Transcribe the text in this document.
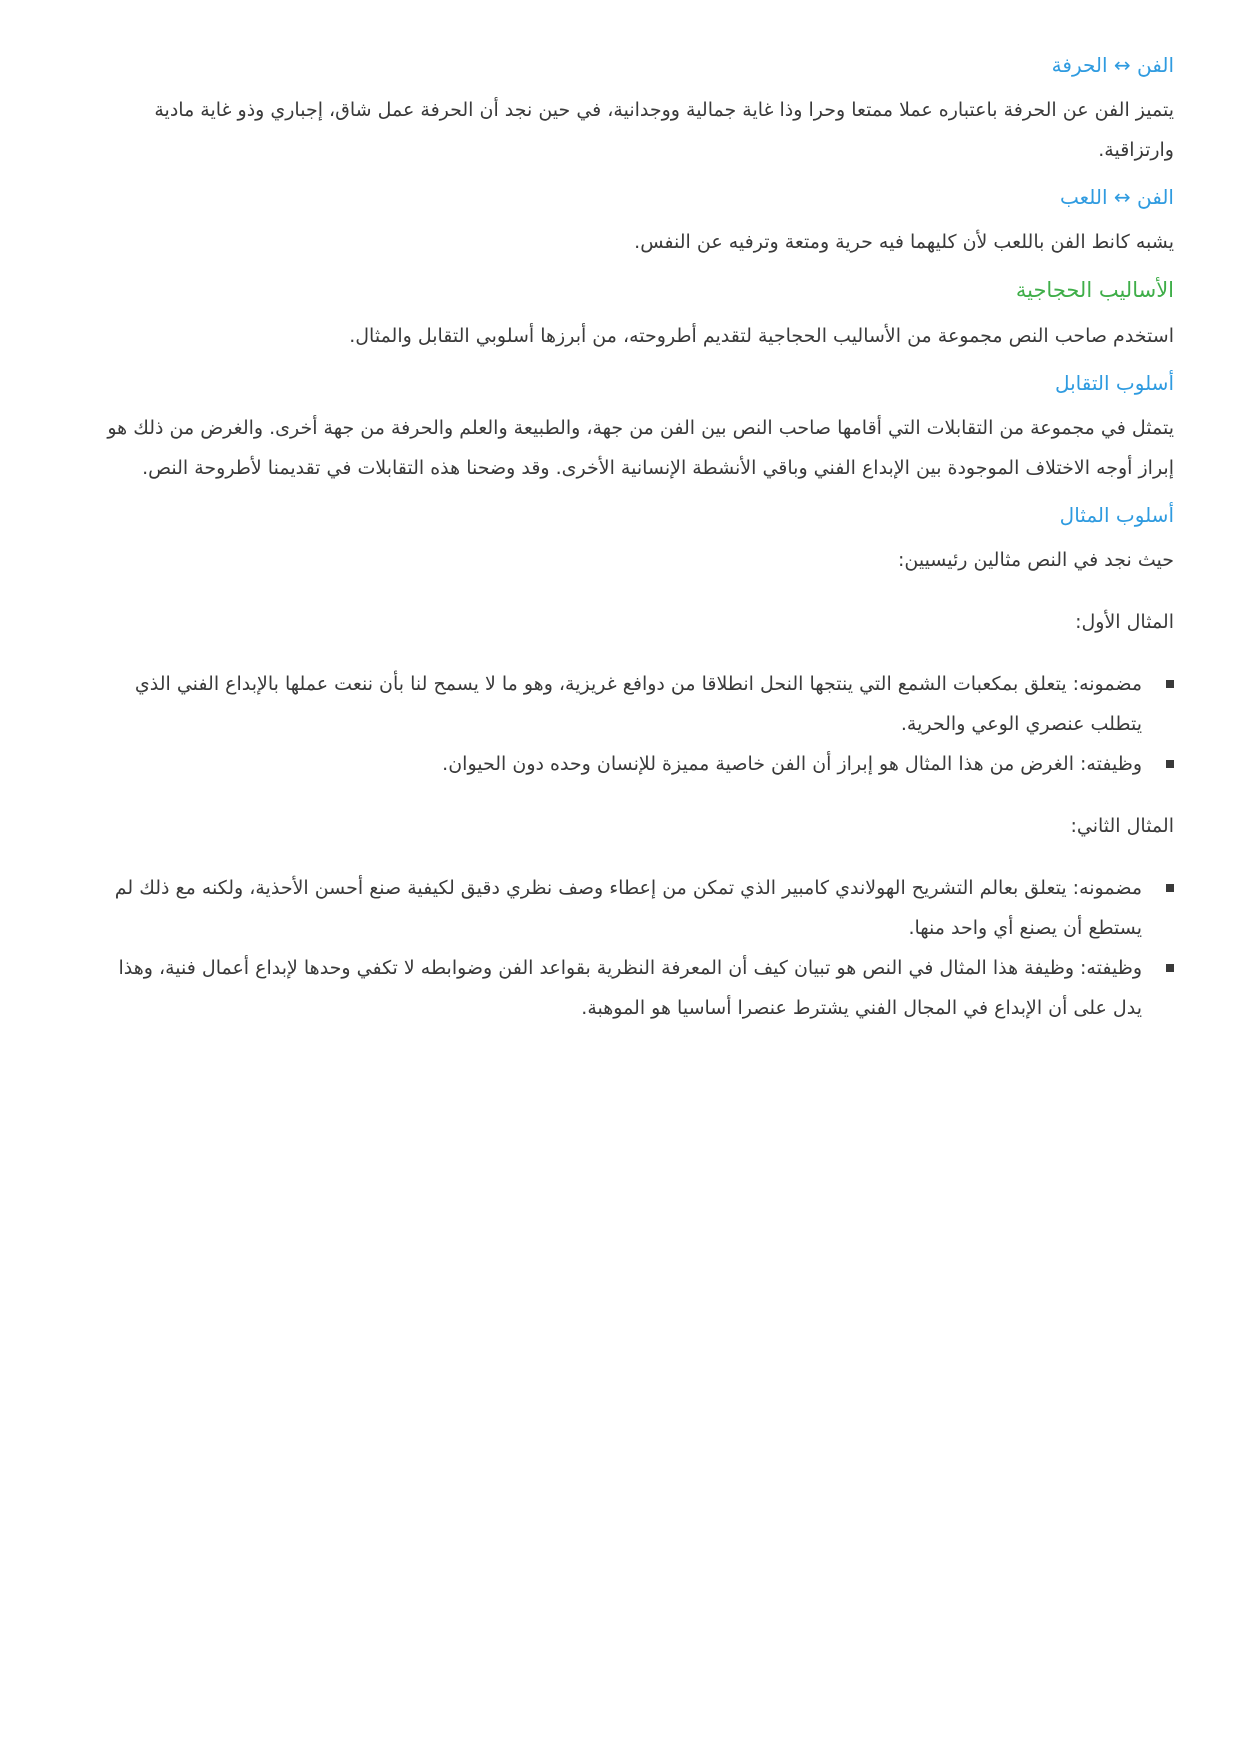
الفن ↔ الحرفة

يتميز الفن عن الحرفة باعتباره عملا ممتعا وحرا وذا غاية جمالية ووجدانية، في حين نجد أن الحرفة عمل شاق، إجباري وذو غاية مادية وارتزاقية.

الفن ↔ اللعب

يشبه كانط الفن باللعب لأن كليهما فيه حرية ومتعة وترفيه عن النفس.

الأساليب الحجاجية

استخدم صاحب النص مجموعة من الأساليب الحجاجية لتقديم أطروحته، من أبرزها أسلوبي التقابل والمثال.

أسلوب التقابل

يتمثل في مجموعة من التقابلات التي أقامها صاحب النص بين الفن من جهة، والطبيعة والعلم والحرفة من جهة أخرى. والغرض من ذلك هو إبراز أوجه الاختلاف الموجودة بين الإبداع الفني وباقي الأنشطة الإنسانية الأخرى. وقد وضحنا هذه التقابلات في تقديمنا لأطروحة النص.

أسلوب المثال

حيث نجد في النص مثالين رئيسيين:

المثال الأول:

مضمونه: يتعلق بمكعبات الشمع التي ينتجها النحل انطلاقا من دوافع غريزية، وهو ما لا يسمح لنا بأن ننعت عملها بالإبداع الفني الذي يتطلب عنصري الوعي والحرية.
وظيفته: الغرض من هذا المثال هو إبراز أن الفن خاصية مميزة للإنسان وحده دون الحيوان.

المثال الثاني:

مضمونه: يتعلق بعالم التشريح الهولاندي كامبير الذي تمكن من إعطاء وصف نظري دقيق لكيفية صنع أحسن الأحذية، ولكنه مع ذلك لم يستطع أن يصنع أي واحد منها.
وظيفته: وظيفة هذا المثال في النص هو تبيان كيف أن المعرفة النظرية بقواعد الفن وضوابطه لا تكفي وحدها لإبداع أعمال فنية، وهذا يدل على أن الإبداع في المجال الفني يشترط عنصرا أساسيا هو الموهبة.
